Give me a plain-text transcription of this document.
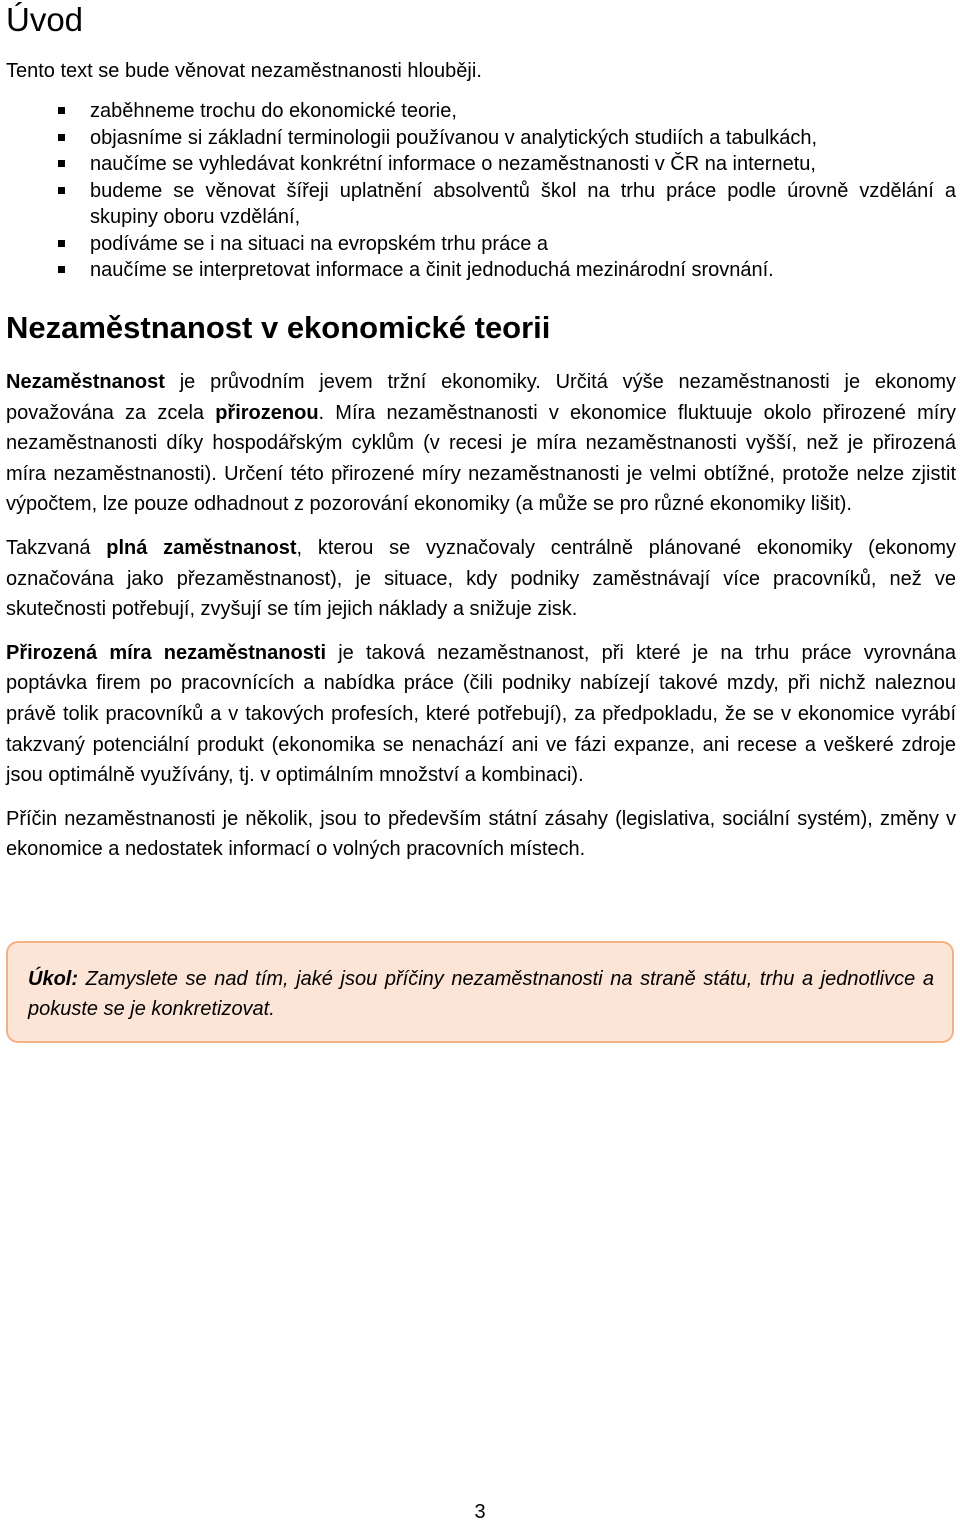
Úvod

Tento text se bude věnovat nezaměstnanosti hlouběji.

zaběhneme trochu do ekonomické teorie,
objasníme si základní terminologii používanou v analytických studiích a tabulkách,
naučíme se vyhledávat konkrétní informace o nezaměstnanosti v ČR na internetu,
budeme se věnovat šířeji uplatnění absolventů škol na trhu práce podle úrovně vzdělání a skupiny oboru vzdělání,
podíváme se i na situaci na evropském trhu práce a
naučíme se interpretovat informace a činit jednoduchá mezinárodní srovnání.
Nezaměstnanost v ekonomické teorii

Nezaměstnanost je průvodním jevem tržní ekonomiky. Určitá výše nezaměstnanosti je ekonomy považována za zcela přirozenou. Míra nezaměstnanosti v ekonomice fluktuuje okolo přirozené míry nezaměstnanosti díky hospodářským cyklům (v recesi je míra nezaměstnanosti vyšší, než je přirozená míra nezaměstnanosti). Určení této přirozené míry nezaměstnanosti je velmi obtížné, protože nelze zjistit výpočtem, lze pouze odhadnout z pozorování ekonomiky (a může se pro různé ekonomiky lišit).

Takzvaná plná zaměstnanost, kterou se vyznačovaly centrálně plánované ekonomiky (ekonomy označována jako přezaměstnanost), je situace, kdy podniky zaměstnávají více pracovníků, než ve skutečnosti potřebují, zvyšují se tím jejich náklady a snižuje zisk.

Přirozená míra nezaměstnanosti je taková nezaměstnanost, při které je na trhu práce vyrovnána poptávka firem po pracovnících a nabídka práce (čili podniky nabízejí takové mzdy, při nichž naleznou právě tolik pracovníků a v takových profesích, které potřebují), za předpokladu, že se v ekonomice vyrábí takzvaný potenciální produkt (ekonomika se nenachází ani ve fázi expanze, ani recese a veškeré zdroje jsou optimálně využívány, tj. v optimálním množství a kombinaci).

Příčin nezaměstnanosti je několik, jsou to především státní zásahy (legislativa, sociální systém), změny v ekonomice a nedostatek informací o volných pracovních místech.

Úkol: Zamyslete se nad tím, jaké jsou příčiny nezaměstnanosti na straně státu, trhu a jednotlivce a pokuste se je konkretizovat.

3
